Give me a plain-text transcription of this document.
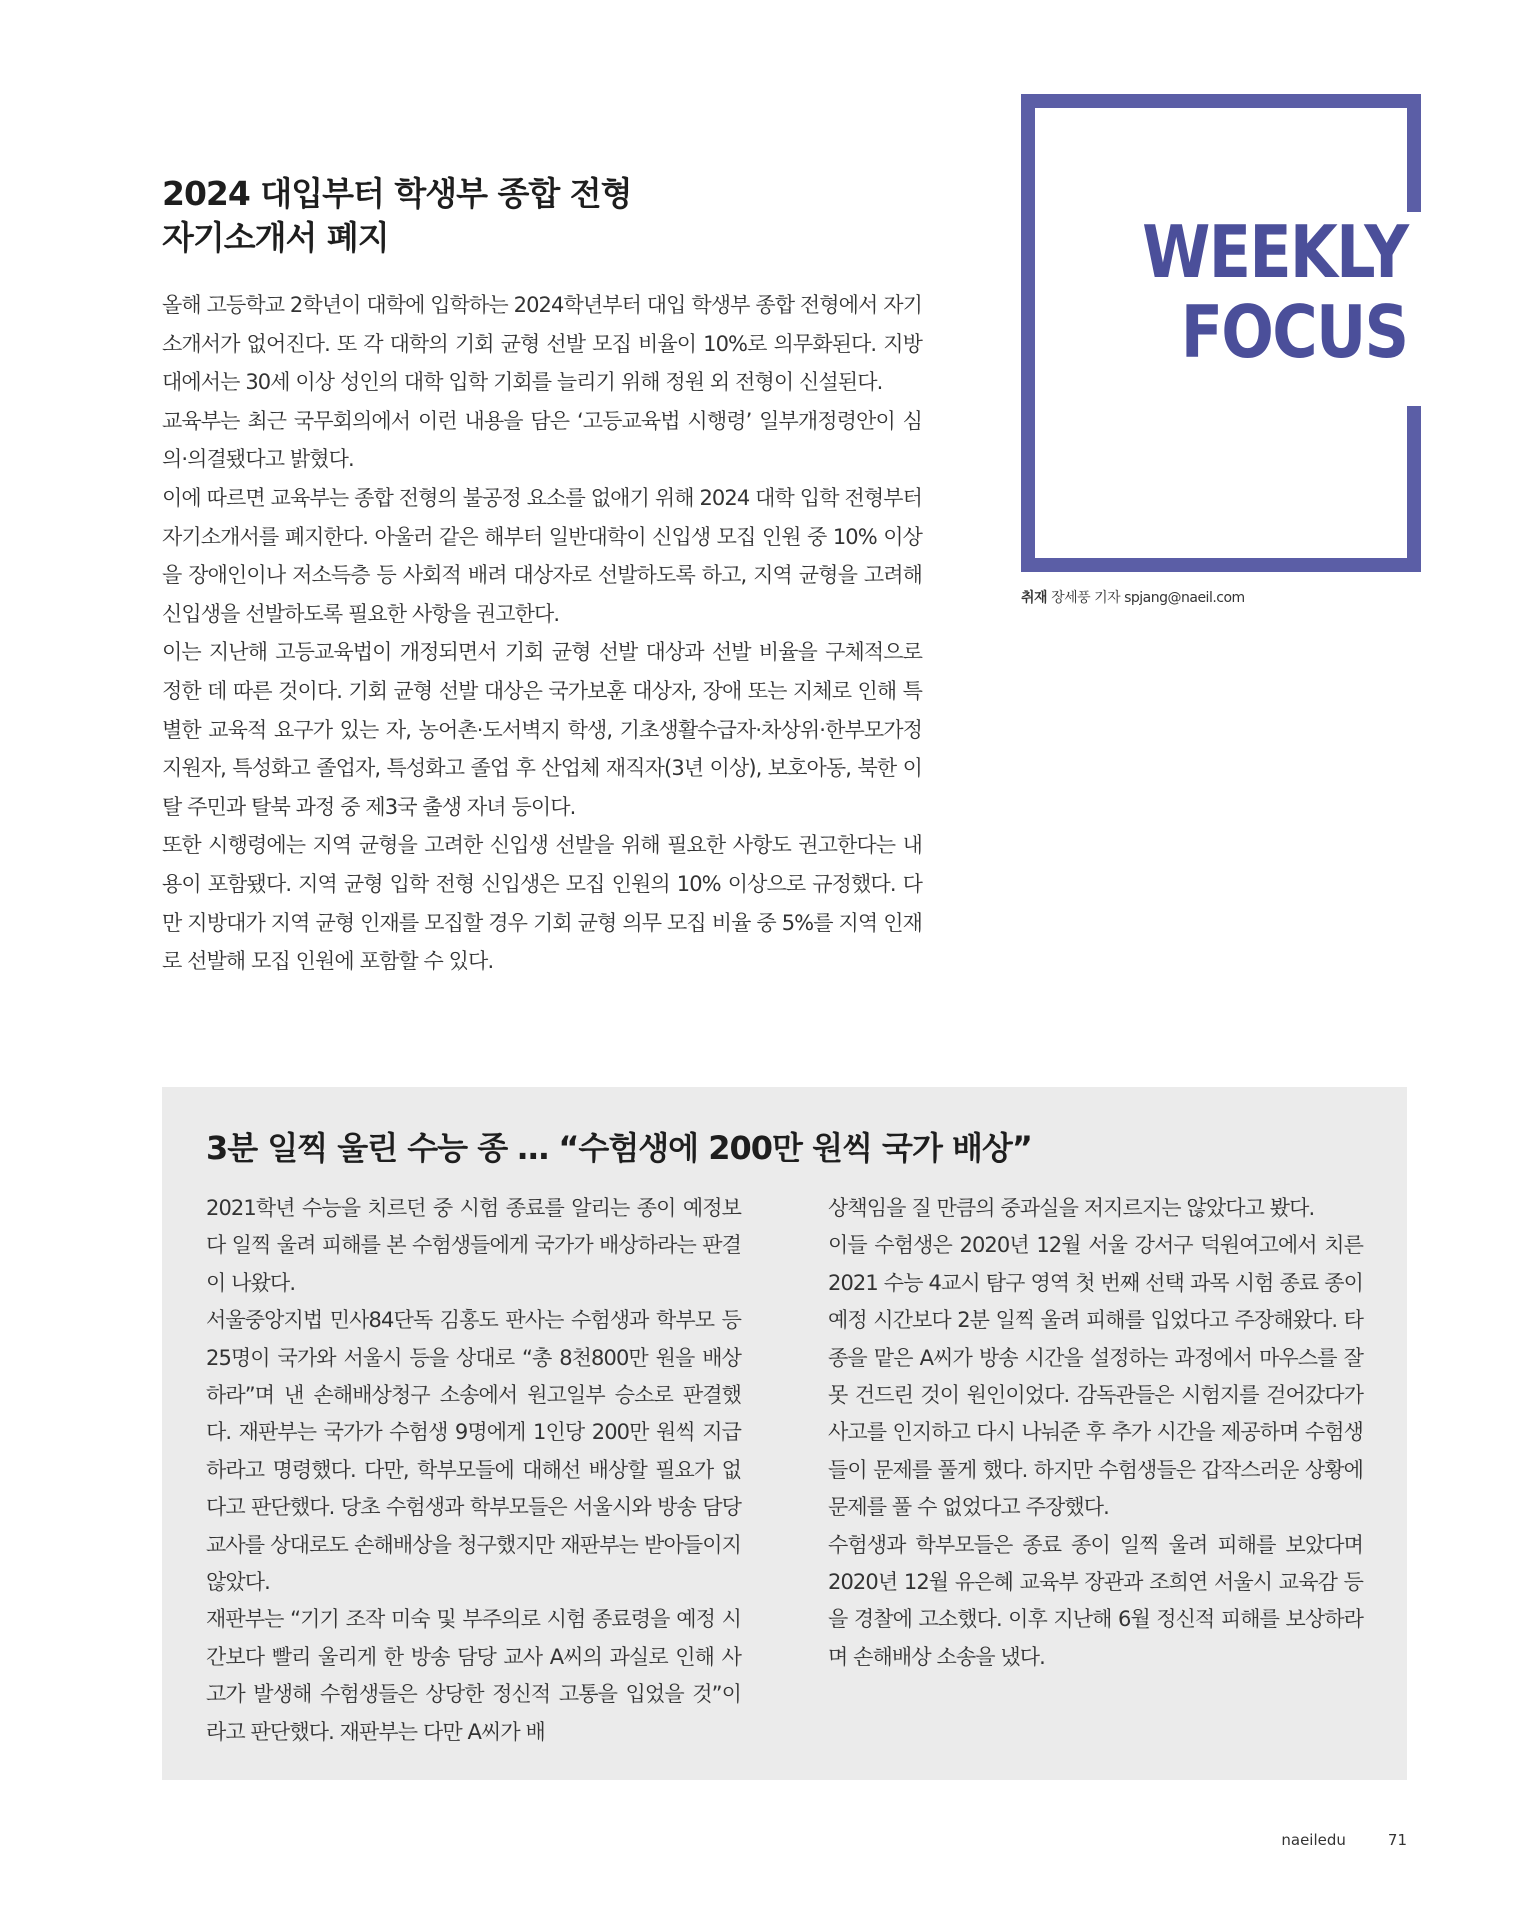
2024 대입부터 학생부 종합 전형
자기소개서 폐지

올해 고등학교 2학년이 대학에 입학하는 2024학년부터 대입 학생부 종합 전형에서 자기소개서가 없어진다. 또 각 대학의 기회 균형 선발 모집 비율이 10%로 의무화된다. 지방대에서는 30세 이상 성인의 대학 입학 기회를 늘리기 위해 정원 외 전형이 신설된다.

교육부는 최근 국무회의에서 이런 내용을 담은 ‘고등교육법 시행령’ 일부개정령안이 심의·의결됐다고 밝혔다.

이에 따르면 교육부는 종합 전형의 불공정 요소를 없애기 위해 2024 대학 입학 전형부터 자기소개서를 폐지한다. 아울러 같은 해부터 일반대학이 신입생 모집 인원 중 10% 이상을 장애인이나 저소득층 등 사회적 배려 대상자로 선발하도록 하고, 지역 균형을 고려해 신입생을 선발하도록 필요한 사항을 권고한다.

이는 지난해 고등교육법이 개정되면서 기회 균형 선발 대상과 선발 비율을 구체적으로 정한 데 따른 것이다. 기회 균형 선발 대상은 국가보훈 대상자, 장애 또는 지체로 인해 특별한 교육적 요구가 있는 자, 농어촌·도서벽지 학생, 기초생활수급자·차상위·한부모가정 지원자, 특성화고 졸업자, 특성화고 졸업 후 산업체 재직자(3년 이상), 보호아동, 북한 이탈 주민과 탈북 과정 중 제3국 출생 자녀 등이다.

또한 시행령에는 지역 균형을 고려한 신입생 선발을 위해 필요한 사항도 권고한다는 내용이 포함됐다. 지역 균형 입학 전형 신입생은 모집 인원의 10% 이상으로 규정했다. 다만 지방대가 지역 균형 인재를 모집할 경우 기회 균형 의무 모집 비율 중 5%를 지역 인재로 선발해 모집 인원에 포함할 수 있다.

WEEKLY
FOCUS
취재 장세풍 기자 spjang@naeil.com
3분 일찍 울린 수능 종 … “수험생에 200만 원씩 국가 배상”

2021학년 수능을 치르던 중 시험 종료를 알리는 종이 예정보다 일찍 울려 피해를 본 수험생들에게 국가가 배상하라는 판결이 나왔다.

서울중앙지법 민사84단독 김홍도 판사는 수험생과 학부모 등 25명이 국가와 서울시 등을 상대로 “총 8천800만 원을 배상하라”며 낸 손해배상청구 소송에서 원고일부 승소로 판결했다. 재판부는 국가가 수험생 9명에게 1인당 200만 원씩 지급하라고 명령했다. 다만, 학부모들에 대해선 배상할 필요가 없다고 판단했다. 당초 수험생과 학부모들은 서울시와 방송 담당 교사를 상대로도 손해배상을 청구했지만 재판부는 받아들이지 않았다.

재판부는 “기기 조작 미숙 및 부주의로 시험 종료령을 예정 시간보다 빨리 울리게 한 방송 담당 교사 A씨의 과실로 인해 사고가 발생해 수험생들은 상당한 정신적 고통을 입었을 것”이라고 판단했다. 재판부는 다만 A씨가 배

상책임을 질 만큼의 중과실을 저지르지는 않았다고 봤다.

이들 수험생은 2020년 12월 서울 강서구 덕원여고에서 치른 2021 수능 4교시 탐구 영역 첫 번째 선택 과목 시험 종료 종이 예정 시간보다 2분 일찍 울려 피해를 입었다고 주장해왔다. 타종을 맡은 A씨가 방송 시간을 설정하는 과정에서 마우스를 잘못 건드린 것이 원인이었다. 감독관들은 시험지를 걷어갔다가 사고를 인지하고 다시 나눠준 후 추가 시간을 제공하며 수험생들이 문제를 풀게 했다. 하지만 수험생들은 갑작스러운 상황에 문제를 풀 수 없었다고 주장했다.

수험생과 학부모들은 종료 종이 일찍 울려 피해를 보았다며 2020년 12월 유은혜 교육부 장관과 조희연 서울시 교육감 등을 경찰에 고소했다. 이후 지난해 6월 정신적 피해를 보상하라며 손해배상 소송을 냈다.

naeiledu	71
